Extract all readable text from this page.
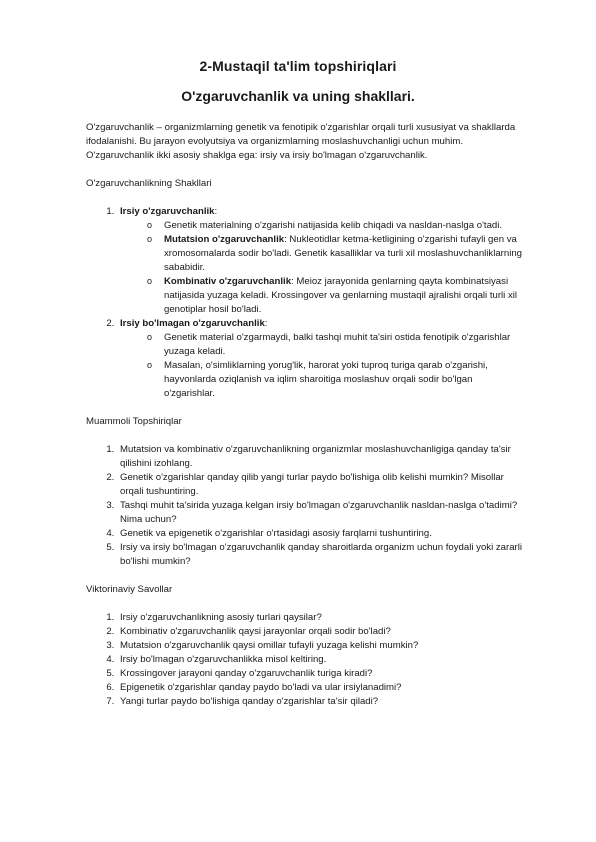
2-Mustaqil ta'lim topshiriqlari
O'zgaruvchanlik va uning shakllari.

O'zgaruvchanlik – organizmlarning genetik va fenotipik o'zgarishlar orqali turli xususiyat va shakllarda ifodalanishi. Bu jarayon evolyutsiya va organizmlarning moslashuvchanligi uchun muhim. O'zgaruvchanlik ikki asosiy shaklga ega: irsiy va irsiy bo'lmagan o'zgaruvchanlik.

O'zgaruvchanlikning Shakllari

1. Irsiy o'zgaruvchanlik:
o Genetik materialning o'zgarishi natijasida kelib chiqadi va nasldan-naslga o'tadi.
o Mutatsion o'zgaruvchanlik: Nukleotidlar ketma-ketligining o'zgarishi tufayli gen va xromosomalarda sodir bo'ladi. Genetik kasalliklar va turli xil moslashuvchanliklarning sababidir.
o Kombinativ o'zgaruvchanlik: Meioz jarayonida genlarning qayta kombinatsiyasi natijasida yuzaga keladi. Krossingover va genlarning mustaqil ajralishi orqali turli xil genotiplar hosil bo'ladi.
2. Irsiy bo'lmagan o'zgaruvchanlik:
o Genetik material o'zgarmaydi, balki tashqi muhit ta'siri ostida fenotipik o'zgarishlar yuzaga keladi.
o Masalan, o'simliklarning yorug'lik, harorat yoki tuproq turiga qarab o'zgarishi, hayvonlarda oziqlanish va iqlim sharoitiga moslashuv orqali sodir bo'lgan o'zgarishlar.

Muammoli Topshiriqlar

1. Mutatsion va kombinativ o'zgaruvchanlikning organizmlar moslashuvchanligiga qanday ta'sir qilishini izohlang.
2. Genetik o'zgarishlar qanday qilib yangi turlar paydo bo'lishiga olib kelishi mumkin? Misollar orqali tushuntiring.
3. Tashqi muhit ta'sirida yuzaga kelgan irsiy bo'lmagan o'zgaruvchanlik nasldan-naslga o'tadimi? Nima uchun?
4. Genetik va epigenetik o'zgarishlar o'rtasidagi asosiy farqlarni tushuntiring.
5. Irsiy va irsiy bo'lmagan o'zgaruvchanlik qanday sharoitlarda organizm uchun foydali yoki zararli bo'lishi mumkin?

Viktorinaviy Savollar

1. Irsiy o'zgaruvchanlikning asosiy turlari qaysilar?
2. Kombinativ o'zgaruvchanlik qaysi jarayonlar orqali sodir bo'ladi?
3. Mutatsion o'zgaruvchanlik qaysi omillar tufayli yuzaga kelishi mumkin?
4. Irsiy bo'lmagan o'zgaruvchanlikka misol keltiring.
5. Krossingover jarayoni qanday o'zgaruvchanlik turiga kiradi?
6. Epigenetik o'zgarishlar qanday paydo bo'ladi va ular irsiylanadimi?
7. Yangi turlar paydo bo'lishiga qanday o'zgarishlar ta'sir qiladi?
